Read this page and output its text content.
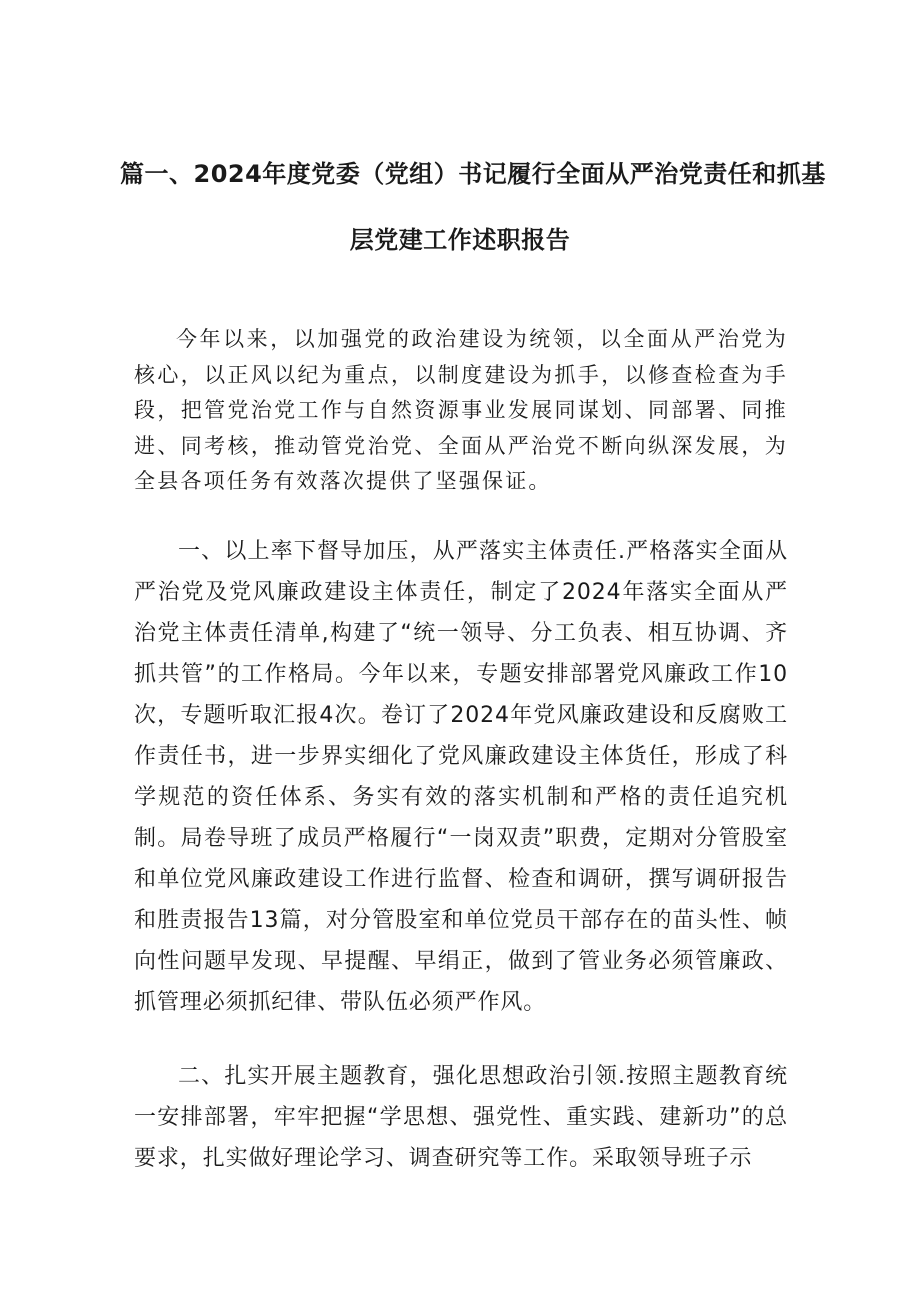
篇一、2024年度党委（党组）书记履行全面从严治党责任和抓基
层党建工作述职报告

今年以来，以加强党的政治建设为统领，以全面从严治党为核心，以正风以纪为重点，以制度建设为抓手，以修查检查为手段，把管党治党工作与自然资源事业发展同谋划、同部署、同推进、同考核，推动管党治党、全面从严治党不断向纵深发展，为全县各项任务有效落次提供了坚强保证。

一、以上率下督导加压，从严落实主体责任.严格落实全面从严治党及党风廉政建设主体责任，制定了2024年落实全面从严治党主体责任清单,构建了“统一领导、分工负表、相互协调、齐抓共管”的工作格局。今年以来，专题安排部署党风廉政工作10次，专题听取汇报4次。卷订了2024年党风廉政建设和反腐败工作责任书，进一步界实细化了党风廉政建设主体货任，形成了科学规范的资任体系、务实有效的落实机制和严格的责任追究机制。局卷导班了成员严格履行“一岗双责”职费，定期对分管股室和单位党风廉政建设工作进行监督、检查和调研，撰写调研报告和胜责报告13篇，对分管股室和单位党员干部存在的苗头性、帧向性问题早发现、早提醒、早绢正，做到了管业务必须管廉政、抓管理必须抓纪律、带队伍必须严作风。

二、扎实开展主题教育，强化思想政治引领.按照主题教育统一安排部署，牢牢把握“学思想、强党性、重实践、建新功”的总要求，扎实做好理论学习、调查研究等工作。采取领导班子示
